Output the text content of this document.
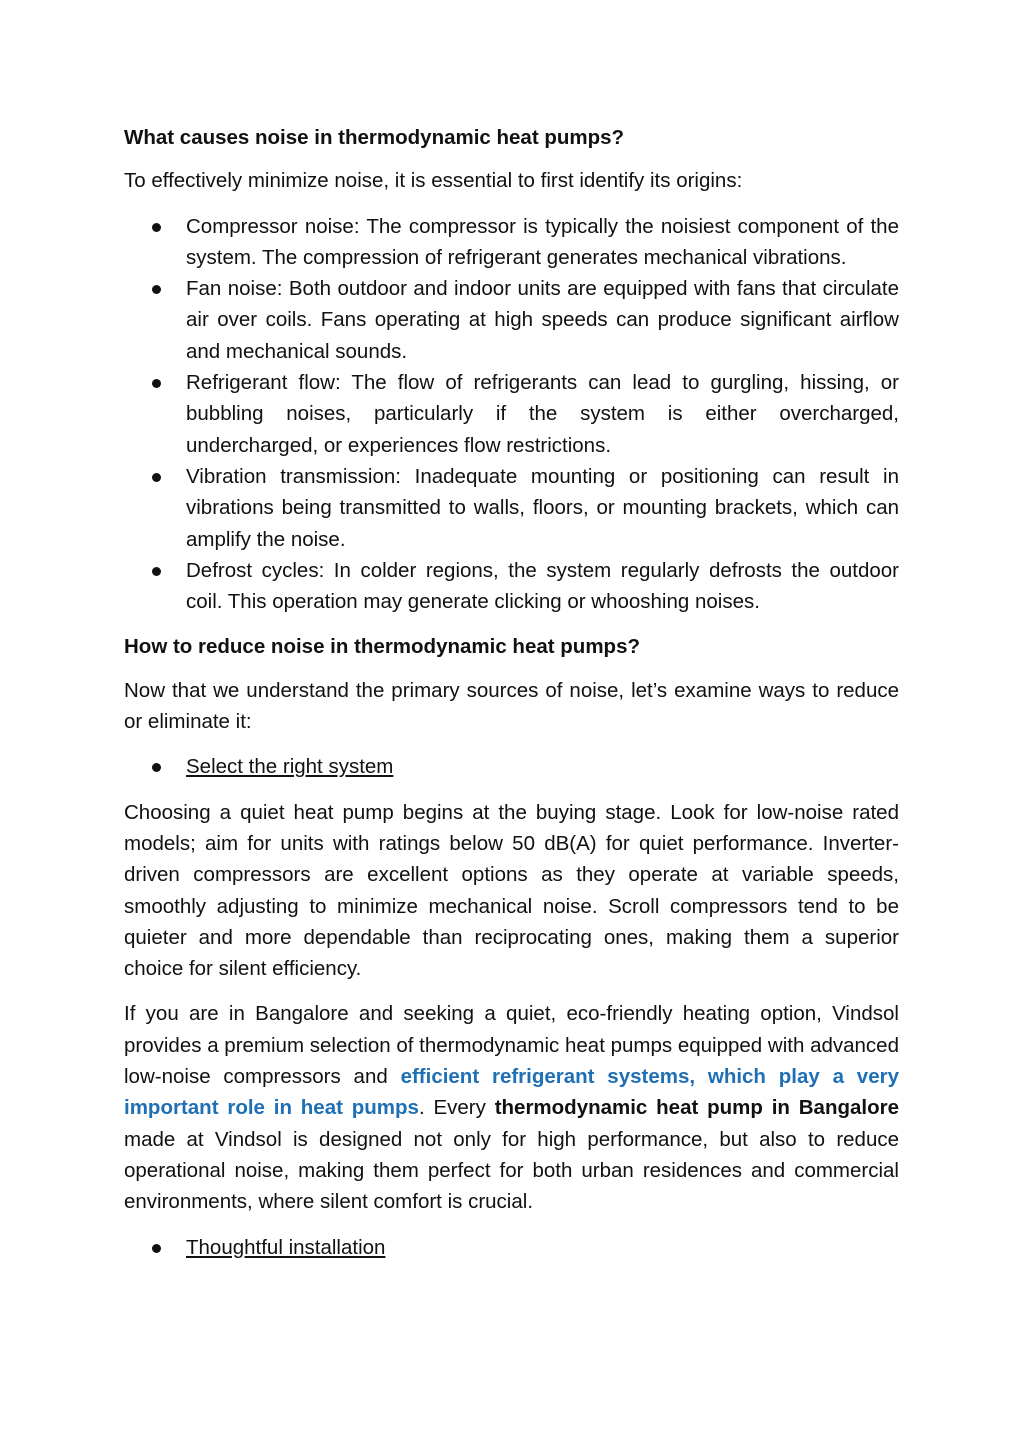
What causes noise in thermodynamic heat pumps?

To effectively minimize noise, it is essential to first identify its origins:

Compressor noise: The compressor is typically the noisiest component of the system. The compression of refrigerant generates mechanical vibrations.
Fan noise: Both outdoor and indoor units are equipped with fans that circulate air over coils. Fans operating at high speeds can produce significant airflow and mechanical sounds.
Refrigerant flow: The flow of refrigerants can lead to gurgling, hissing, or bubbling noises, particularly if the system is either overcharged, undercharged, or experiences flow restrictions.
Vibration transmission: Inadequate mounting or positioning can result in vibrations being transmitted to walls, floors, or mounting brackets, which can amplify the noise.
Defrost cycles: In colder regions, the system regularly defrosts the outdoor coil. This operation may generate clicking or whooshing noises.
How to reduce noise in thermodynamic heat pumps?

Now that we understand the primary sources of noise, let’s examine ways to reduce or eliminate it:

Select the right system

Choosing a quiet heat pump begins at the buying stage. Look for low-noise rated models; aim for units with ratings below 50 dB(A) for quiet performance. Inverter-driven compressors are excellent options as they operate at variable speeds, smoothly adjusting to minimize mechanical noise. Scroll compressors tend to be quieter and more dependable than reciprocating ones, making them a superior choice for silent efficiency.

If you are in Bangalore and seeking a quiet, eco-friendly heating option, Vindsol provides a premium selection of thermodynamic heat pumps equipped with advanced low-noise compressors and efficient refrigerant systems, which play a very important role in heat pumps. Every thermodynamic heat pump in Bangalore made at Vindsol is designed not only for high performance, but also to reduce operational noise, making them perfect for both urban residences and commercial environments, where silent comfort is crucial.

Thoughtful installation
